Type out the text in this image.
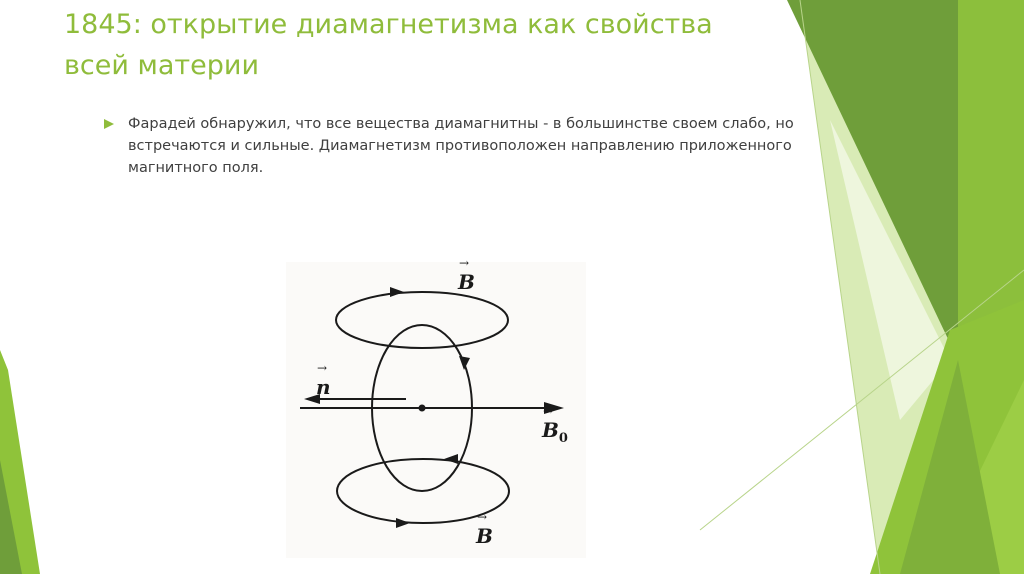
1845: открытие диамагнетизма как свойства всей материи
Фарадей обнаружил, что все вещества диамагнитны - в большинстве своем слабо, но встречаются и сильные. Диамагнетизм противоположен направлению приложенного магнитного поля.
→ B
→ n
→ $B_0$
→ B
